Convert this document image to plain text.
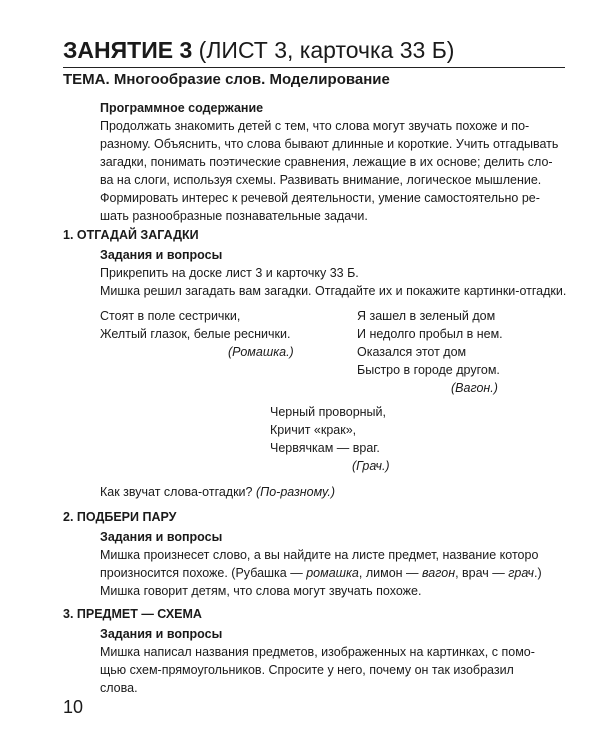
ЗАНЯТИЕ 3 (ЛИСТ 3, карточка 33 Б)
ТЕМА. Многообразие слов. Моделирование
Программное содержание

Продолжать знакомить детей с тем, что слова могут звучать похоже и по-
разному. Объяснить, что слова бывают длинные и короткие. Учить отгадывать
загадки, понимать поэтические сравнения, лежащие в их основе; делить сло-
ва на слоги, используя схемы. Развивать внимание, логическое мышление.
Формировать интерес к речевой деятельности, умение самостоятельно ре-
шать разнообразные познавательные задачи.

1. ОТГАДАЙ ЗАГАДКИ
Задания и вопросы

Прикрепить на доске лист 3 и карточку 33 Б.

Мишка решил загадать вам загадки. Отгадайте их и покажите картинки-отгадки.

Стоят в поле сестрички,

Желтый глазок, белые реснички.

(Ромашка.)

Я зашел в зеленый дом

И недолго пробыл в нем.

Оказался этот дом

Быстро в городе другом.

(Вагон.)

Черный проворный,

Кричит «крак»,

Червячкам — враг.

(Грач.)

Как звучат слова-отгадки? (По-разному.)

2. ПОДБЕРИ ПАРУ
Задания и вопросы

Мишка произнесет слово, а вы найдите на листе предмет, название которо

произносится похоже. (Рубашка — ромашка, лимон — вагон, врач — грач.)

Мишка говорит детям, что слова могут звучать похоже.

3. ПРЕДМЕТ — СХЕМА
Задания и вопросы

Мишка написал названия предметов, изображенных на картинках, с помо-

щью схем-прямоугольников. Спросите у него, почему он так изобразил

слова.

10
